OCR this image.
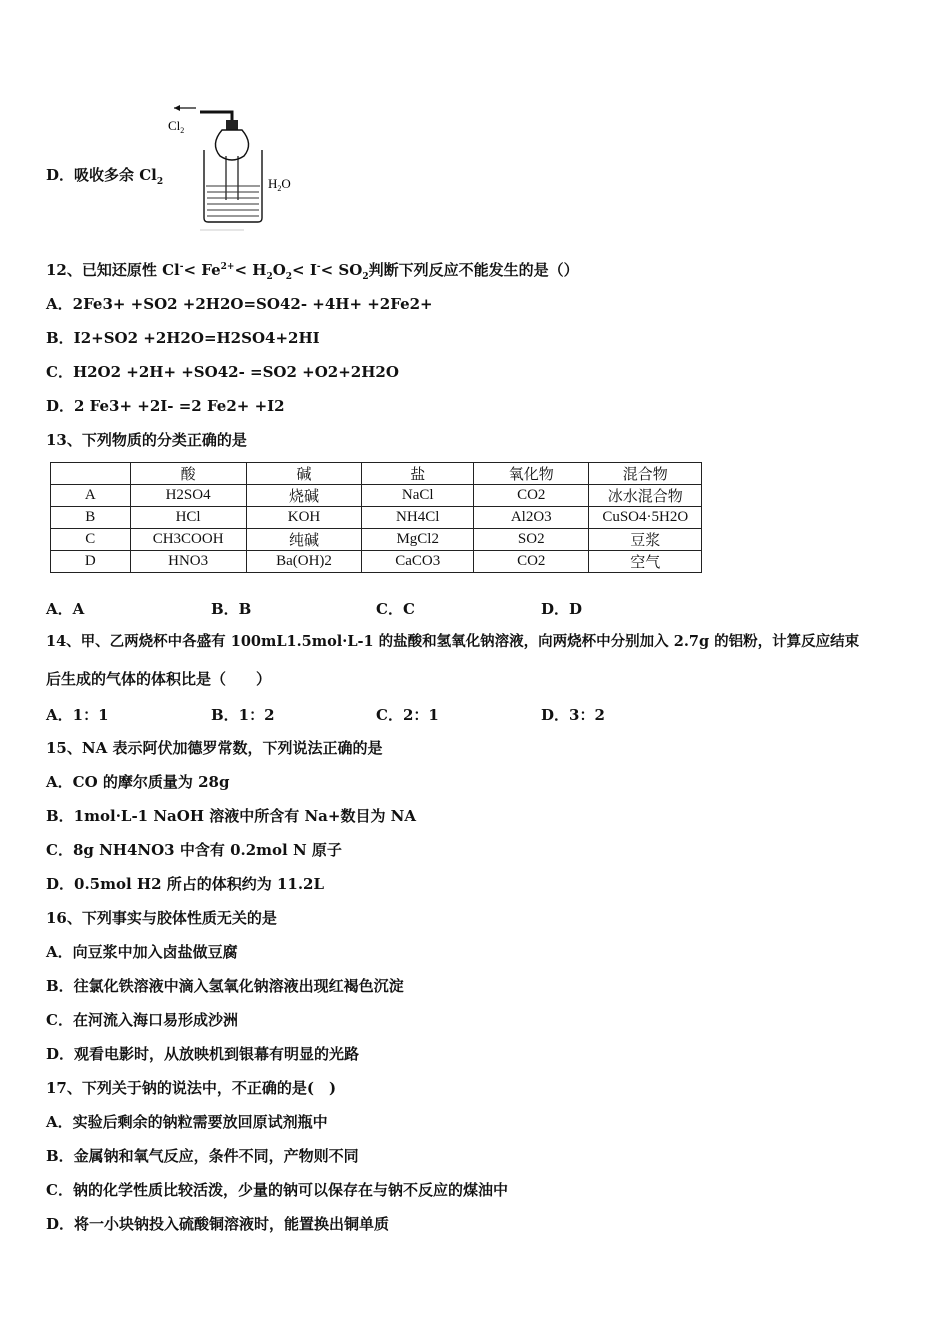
D．吸收多余 $Cl_2$
$Cl_2$
$H_2O$
12、已知还原性 $Cl^-< Fe^{2+}< H_2O_2< I^-< SO_2$判断下列反应不能发生的是（）
A．2Fe3+ +SO2 +2H2O=SO42- +4H+ +2Fe2+
B．I2+SO2 +2H2O=H2SO4+2HI
C．H2O2 +2H+ +SO42- =SO2 +O2+2H2O
D．2 Fe3+ +2I- =2 Fe2+ +I2
13、下列物质的分类正确的是
	酸	碱	盐	氧化物	混合物
A	H2SO4	烧碱	NaCl	CO2	冰水混合物
B	HCl	KOH	NH4Cl	Al2O3	CuSO4·5H2O
C	CH3COOH	纯碱	MgCl2	SO2	豆浆
D	HNO3	Ba(OH)2	CaCO3	CO2	空气
A．A	B．B	C．C	D．D
14、甲、乙两烧杯中各盛有 100mL1.5mol·L-1 的盐酸和氢氧化钠溶液，向两烧杯中分别加入 2.7g 的铝粉，计算反应结束
后生成的气体的体积比是（　　）
A．1：1	B．1：2	C．2：1	D．3：2
15、NA 表示阿伏加德罗常数，下列说法正确的是
A．CO 的摩尔质量为 28g
B．1mol·L-1 NaOH 溶液中所含有 Na+数目为 NA
C．8g NH4NO3 中含有 0.2mol N 原子
D．0.5mol H2 所占的体积约为 11.2L
16、下列事实与胶体性质无关的是
A．向豆浆中加入卤盐做豆腐
B．往氯化铁溶液中滴入氢氧化钠溶液出现红褐色沉淀
C．在河流入海口易形成沙洲
D．观看电影时，从放映机到银幕有明显的光路
17、下列关于钠的说法中，不正确的是(　)
A．实验后剩余的钠粒需要放回原试剂瓶中
B．金属钠和氧气反应，条件不同，产物则不同
C．钠的化学性质比较活泼，少量的钠可以保存在与钠不反应的煤油中
D．将一小块钠投入硫酸铜溶液时，能置换出铜单质
